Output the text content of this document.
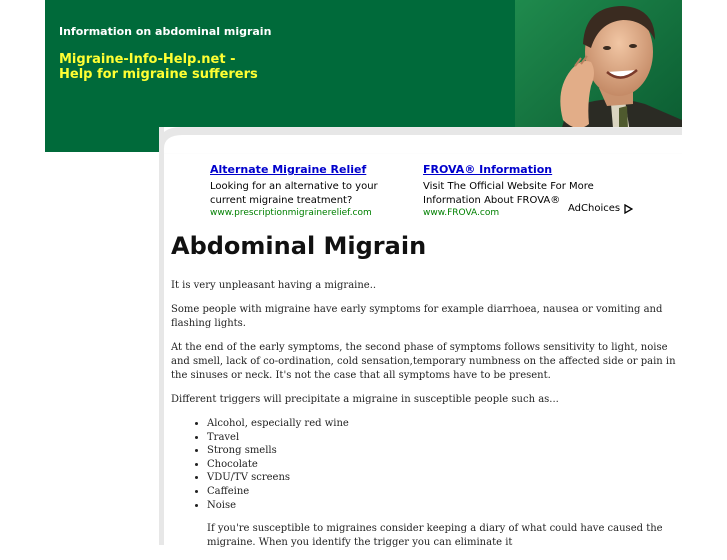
Information on abdominal migrain
Migraine-Info-Help.net -
Help for migraine sufferers
Alternate Migraine Relief
Looking for an alternative to your current migraine treatment?
www.prescriptionmigrainerelief.com
FROVA® Information
Visit The Official Website For More Information About FROVA®
www.FROVA.com	AdChoices
Abdominal Migrain

It is very unpleasant having a migraine..

Some people with migraine have early symptoms for example diarrhoea, nausea or vomiting and flashing lights.

At the end of the early symptoms, the second phase of symptoms follows sensitivity to light, noise and smell, lack of co-ordination, cold sensation,temporary numbness on the affected side or pain in the sinuses or neck. It's not the case that all symptoms have to be present.

Different triggers will precipitate a migraine in susceptible people such as...

• Alcohol, especially red wine
• Travel
• Strong smells
• Chocolate
• VDU/TV screens
• Caffeine
• Noise

If you're susceptible to migraines consider keeping a diary of what could have caused the migraine. When you identify the trigger you can eliminate it
